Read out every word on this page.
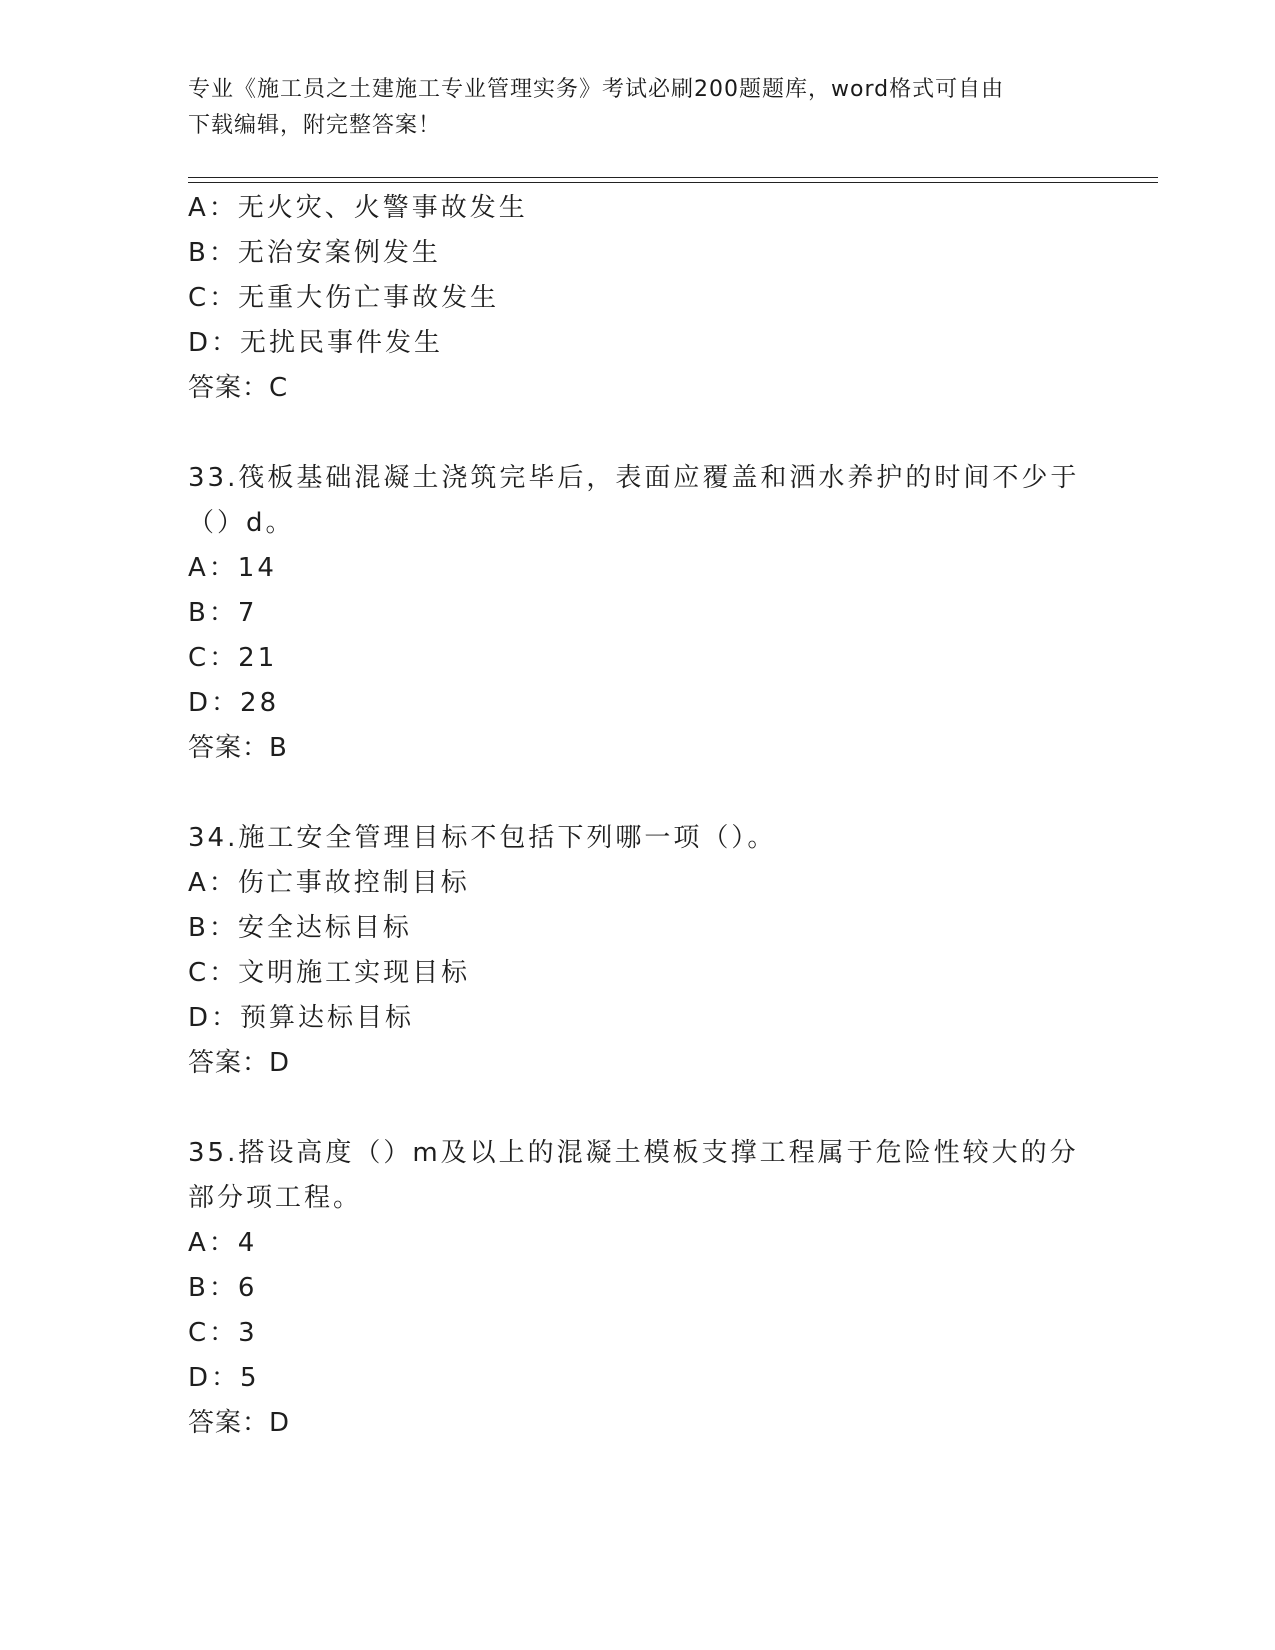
专业《施工员之土建施工专业管理实务》考试必刷200题题库，word格式可自由
下载编辑，附完整答案！
A：无火灾、火警事故发生
B：无治安案例发生
C：无重大伤亡事故发生
D：无扰民事件发生
答案：C
33.筏板基础混凝土浇筑完毕后，表面应覆盖和洒水养护的时间不少于
（）d。
A：14
B：7
C：21
D：28
答案：B
34.施工安全管理目标不包括下列哪一项（）。
A：伤亡事故控制目标
B：安全达标目标
C：文明施工实现目标
D：预算达标目标
答案：D
35.搭设高度（）m及以上的混凝土模板支撑工程属于危险性较大的分
部分项工程。
A：4
B：6
C：3
D：5
答案：D
